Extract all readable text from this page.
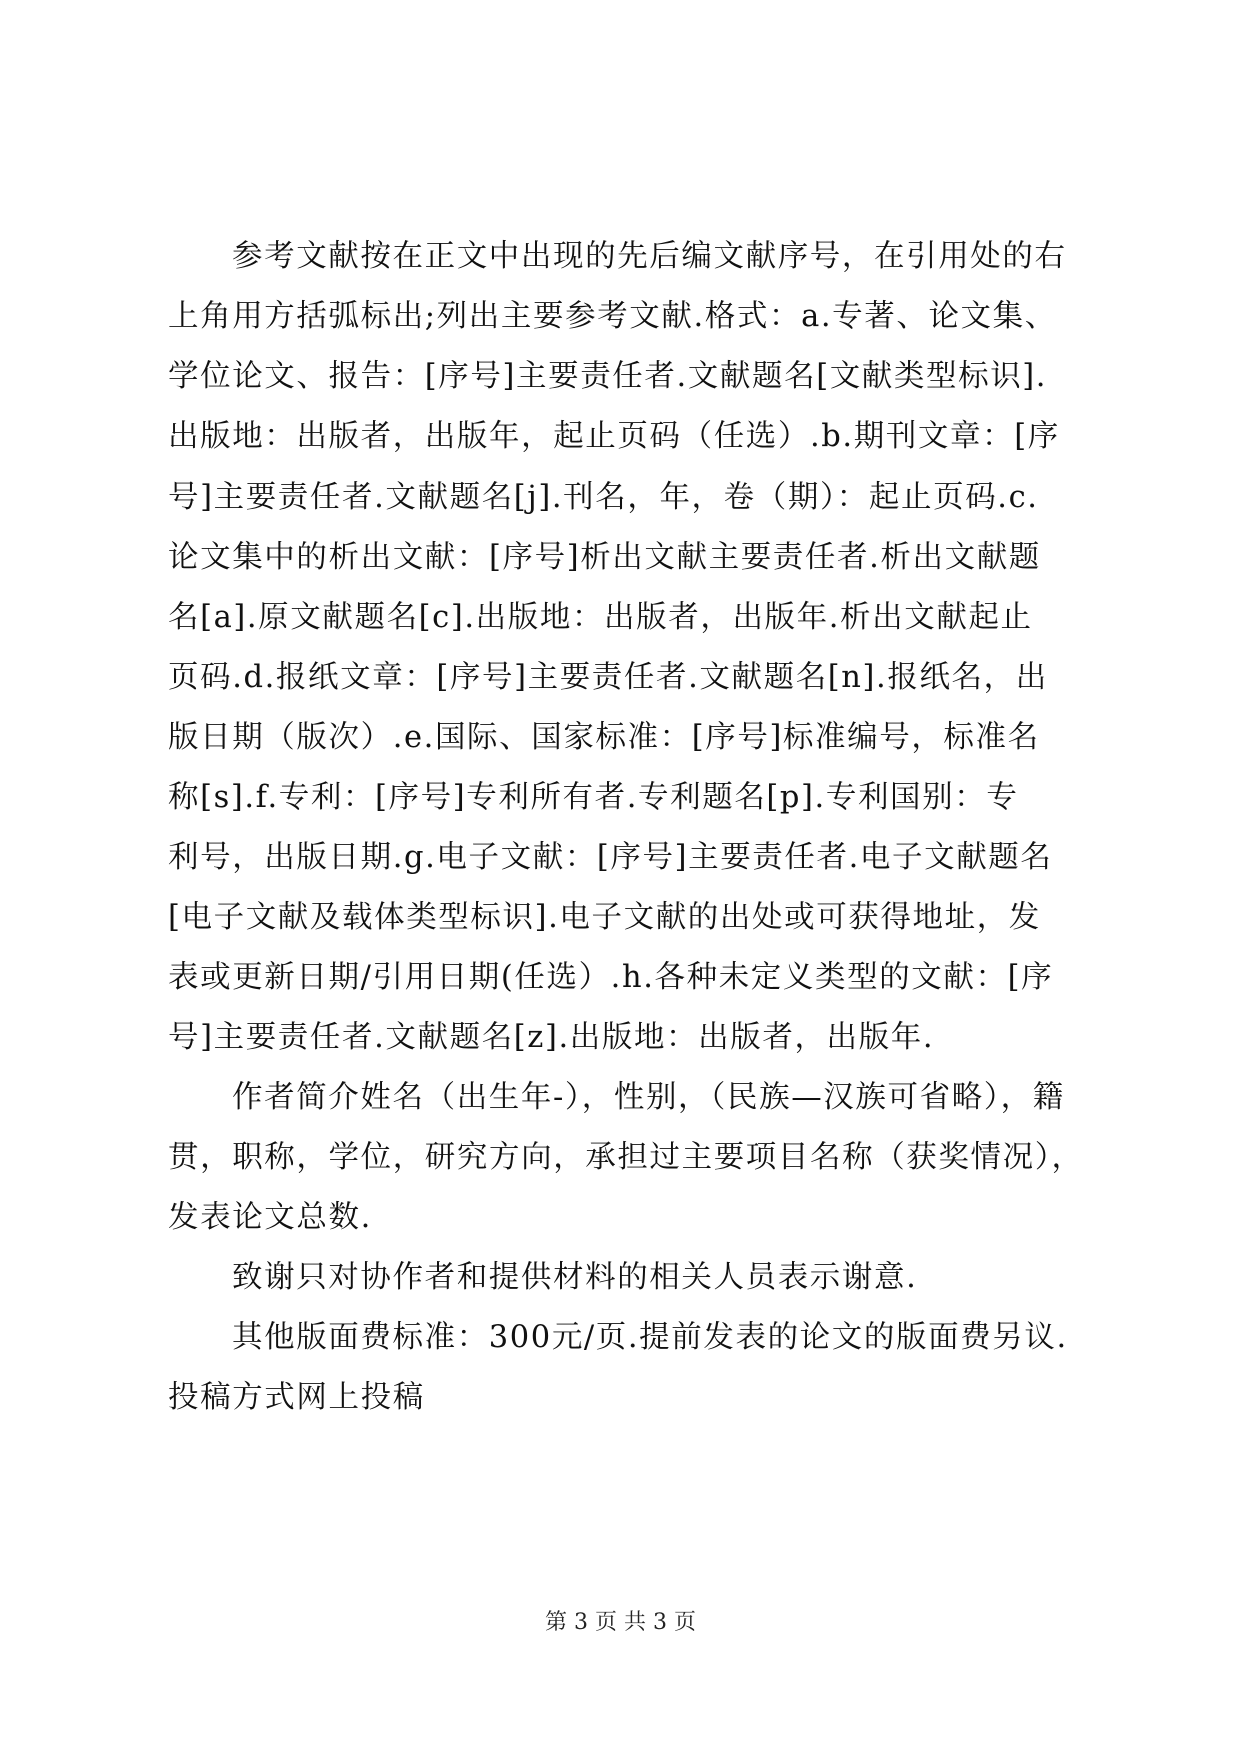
参考文献按在正文中出现的先后编文献序号，在引用处的右

上角用方括弧标出;列出主要参考文献.格式：a.专著、论文集、

学位论文、报告：[序号]主要责任者.文献题名[文献类型标识].

出版地：出版者，出版年，起止页码（任选）.b.期刊文章：[序

号]主要责任者.文献题名[j].刊名，年，卷（期）：起止页码.c.

论文集中的析出文献：[序号]析出文献主要责任者.析出文献题

名[a].原文献题名[c].出版地：出版者，出版年.析出文献起止

页码.d.报纸文章：[序号]主要责任者.文献题名[n].报纸名，出

版日期（版次）.e.国际、国家标准：[序号]标准编号，标准名

称[s].f.专利：[序号]专利所有者.专利题名[p].专利国别：专

利号，出版日期.g.电子文献：[序号]主要责任者.电子文献题名

[电子文献及载体类型标识].电子文献的出处或可获得地址，发

表或更新日期/引用日期(任选）.h.各种未定义类型的文献：[序

号]主要责任者.文献题名[z].出版地：出版者，出版年.

作者简介姓名（出生年-），性别，（民族—汉族可省略），籍

贯，职称，学位，研究方向，承担过主要项目名称（获奖情况），

发表论文总数.

致谢只对协作者和提供材料的相关人员表示谢意.

其他版面费标准：300元/页.提前发表的论文的版面费另议.

投稿方式网上投稿

第 3 页 共 3 页
